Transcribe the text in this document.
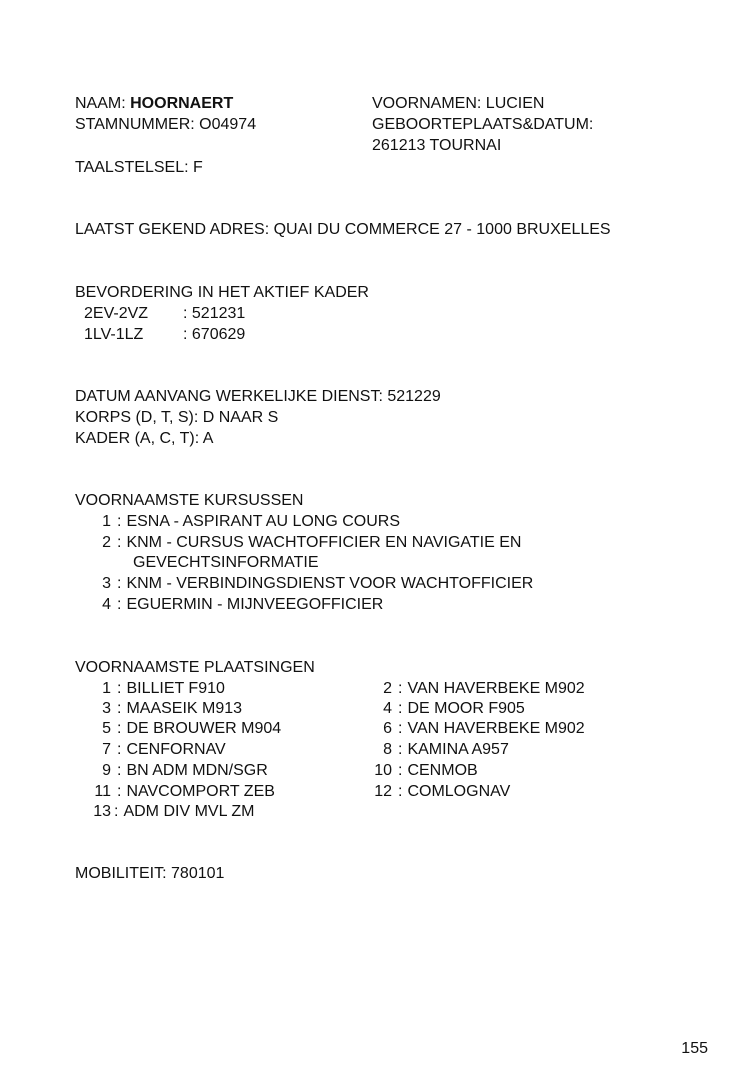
NAAM: HOORNAERT
STAMNUMMER: O04974
TAALSTELSEL: F
VOORNAMEN: LUCIEN
GEBOORTEPLAATS&DATUM:
261213 TOURNAI
LAATST GEKEND ADRES: QUAI DU COMMERCE 27 - 1000 BRUXELLES
BEVORDERING IN HET AKTIEF KADER
2EV-2VZ : 521231
1LV-1LZ : 670629
DATUM AANVANG WERKELIJKE DIENST: 521229
KORPS (D, T, S): D NAAR S
KADER (A, C, T): A
VOORNAAMSTE KURSUSSEN
1 : ESNA - ASPIRANT AU LONG COURS
2 : KNM - CURSUS WACHTOFFICIER EN NAVIGATIE EN
GEVECHTSINFORMATIE
3 : KNM - VERBINDINGSDIENST VOOR WACHTOFFICIER
4 : EGUERMIN - MIJNVEEGOFFICIER
VOORNAAMSTE PLAATSINGEN
1 : BILLIET F910
3 : MAASEIK M913
5 : DE BROUWER M904
7 : CENFORNAV
9 : BN ADM MDN/SGR
11 : NAVCOMPORT ZEB
13 : ADM DIV MVL ZM
2 : VAN HAVERBEKE M902
4 : DE MOOR F905
6 : VAN HAVERBEKE M902
8 : KAMINA A957
10 : CENMOB
12 : COMLOGNAV
MOBILITEIT: 780101
155
